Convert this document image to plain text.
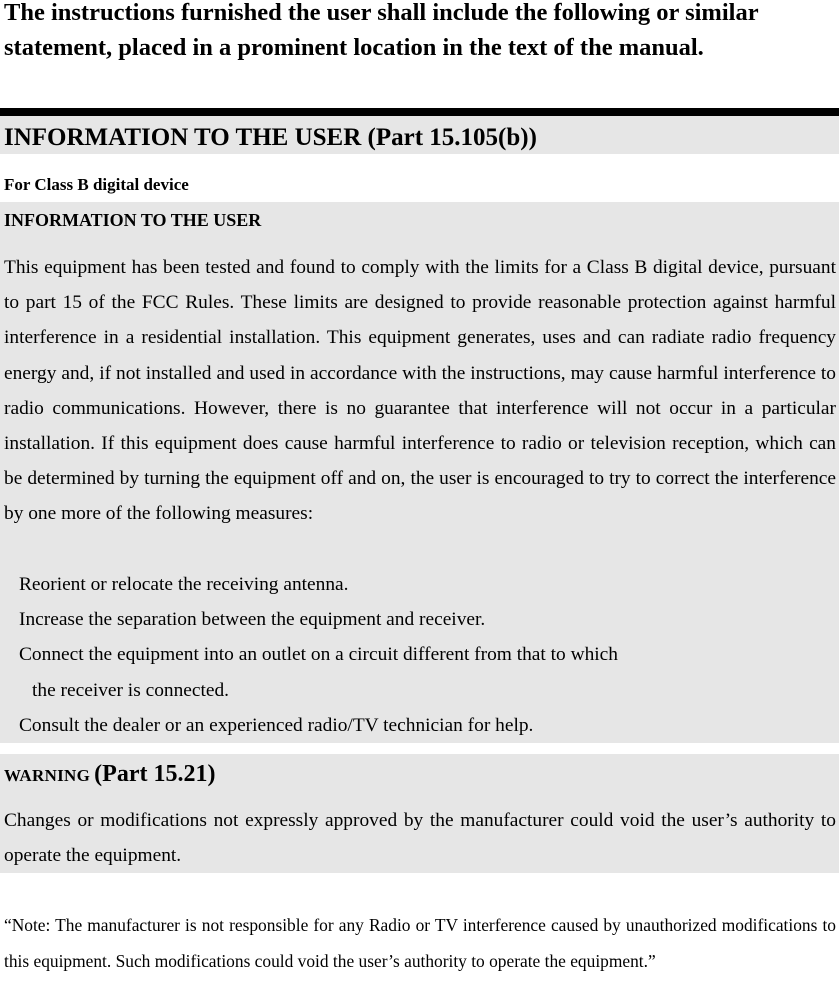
The instructions furnished the user shall include the following or similar statement, placed in a prominent location in the text of the manual.

INFORMATION TO THE USER (Part 15.105(b))

For Class B digital device

INFORMATION TO THE USER

This equipment has been tested and found to comply with the limits for a Class B digital device, pursuant to part 15 of the FCC Rules. These limits are designed to provide reasonable protection against harmful interference in a residential installation. This equipment generates, uses and can radiate radio frequency energy and, if not installed and used in accordance with the instructions, may cause harmful interference to radio communications. However, there is no guarantee that interference will not occur in a particular installation. If this equipment does cause harmful interference to radio or television reception, which can be determined by turning the equipment off and on, the user is encouraged to try to correct the interference by one more of the following measures:

Reorient or relocate the receiving antenna.

Increase the separation between the equipment and receiver.

Connect the equipment into an outlet on a circuit different from that to which

the receiver is connected.

Consult the dealer or an experienced radio/TV technician for help.

WARNING (Part 15.21)

Changes or modifications not expressly approved by the manufacturer could void the user’s authority to operate the equipment.

“Note: The manufacturer is not responsible for any Radio or TV interference caused by unauthorized modifications to this equipment. Such modifications could void the user’s authority to operate the equipment.”
